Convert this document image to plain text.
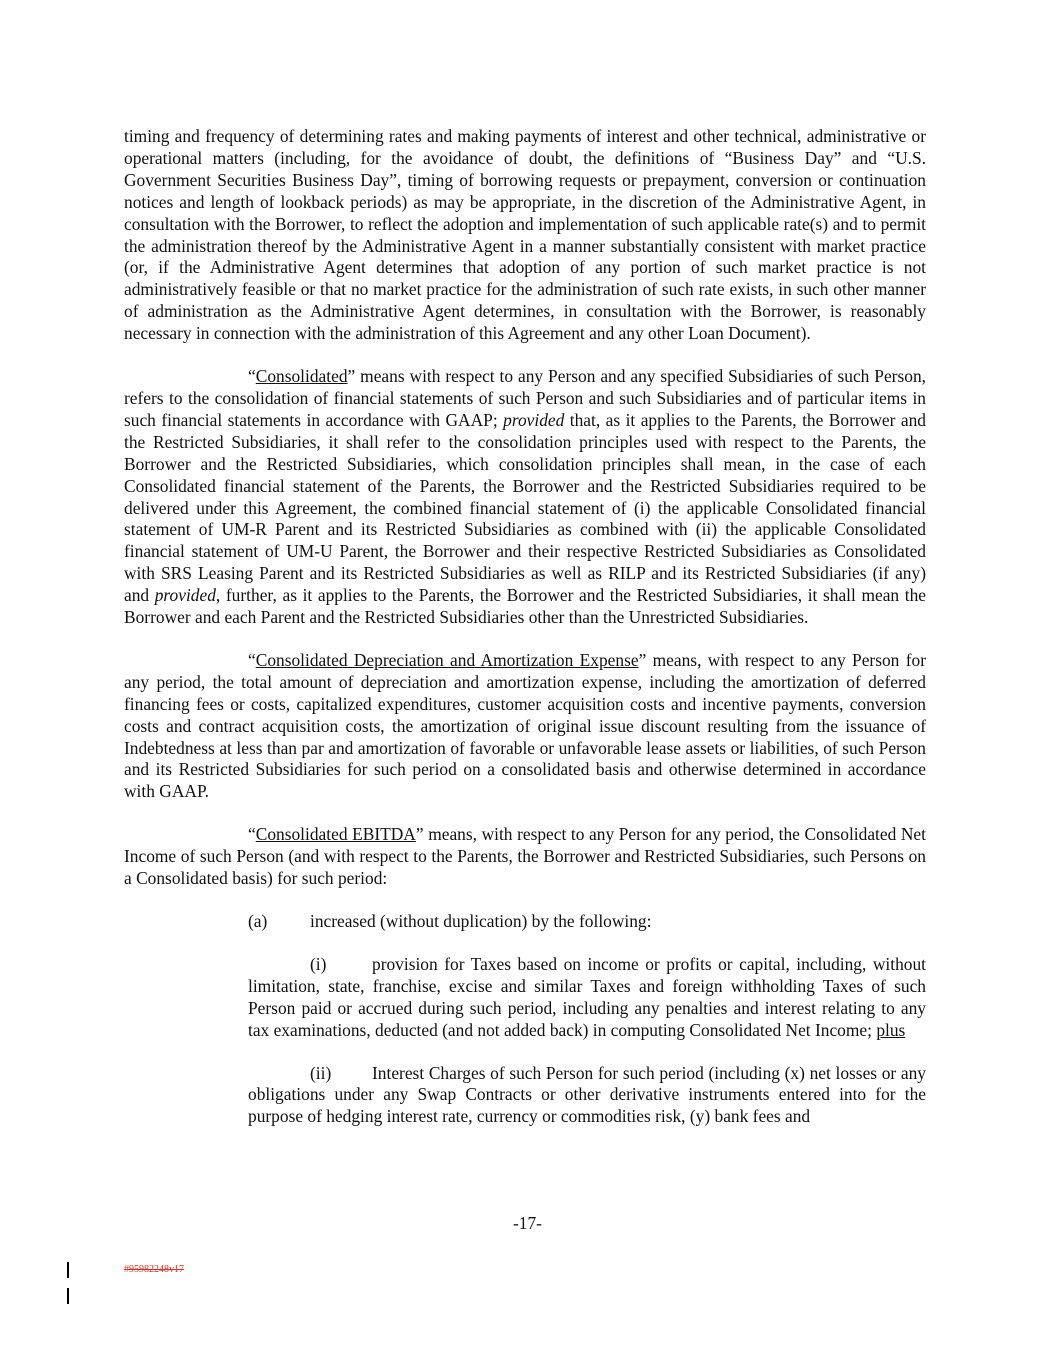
timing and frequency of determining rates and making payments of interest and other technical, administrative or operational matters (including, for the avoidance of doubt, the definitions of “Business Day” and “U.S. Government Securities Business Day”, timing of borrowing requests or prepayment, conversion or continuation notices and length of lookback periods) as may be appropriate, in the discretion of the Administrative Agent, in consultation with the Borrower, to reflect the adoption and implementation of such applicable rate(s) and to permit the administration thereof by the Administrative Agent in a manner substantially consistent with market practice (or, if the Administrative Agent determines that adoption of any portion of such market practice is not administratively feasible or that no market practice for the administration of such rate exists, in such other manner of administration as the Administrative Agent determines, in consultation with the Borrower, is reasonably necessary in connection with the administration of this Agreement and any other Loan Document).

“Consolidated” means with respect to any Person and any specified Subsidiaries of such Person, refers to the consolidation of financial statements of such Person and such Subsidiaries and of particular items in such financial statements in accordance with GAAP; provided that, as it applies to the Parents, the Borrower and the Restricted Subsidiaries, it shall refer to the consolidation principles used with respect to the Parents, the Borrower and the Restricted Subsidiaries, which consolidation principles shall mean, in the case of each Consolidated financial statement of the Parents, the Borrower and the Restricted Subsidiaries required to be delivered under this Agreement, the combined financial statement of (i) the applicable Consolidated financial statement of UM-R Parent and its Restricted Subsidiaries as combined with (ii) the applicable Consolidated financial statement of UM-U Parent, the Borrower and their respective Restricted Subsidiaries as Consolidated with SRS Leasing Parent and its Restricted Subsidiaries as well as RILP and its Restricted Subsidiaries (if any) and provided, further, as it applies to the Parents, the Borrower and the Restricted Subsidiaries, it shall mean the Borrower and each Parent and the Restricted Subsidiaries other than the Unrestricted Subsidiaries.

“Consolidated Depreciation and Amortization Expense” means, with respect to any Person for any period, the total amount of depreciation and amortization expense, including the amortization of deferred financing fees or costs, capitalized expenditures, customer acquisition costs and incentive payments, conversion costs and contract acquisition costs, the amortization of original issue discount resulting from the issuance of Indebtedness at less than par and amortization of favorable or unfavorable lease assets or liabilities, of such Person and its Restricted Subsidiaries for such period on a consolidated basis and otherwise determined in accordance with GAAP.

“Consolidated EBITDA” means, with respect to any Person for any period, the Consolidated Net Income of such Person (and with respect to the Parents, the Borrower and Restricted Subsidiaries, such Persons on a Consolidated basis) for such period:

(a) increased (without duplication) by the following:

(i)	provision for Taxes based on income or profits or capital, including, without limitation, state, franchise, excise and similar Taxes and foreign withholding Taxes of such Person paid or accrued during such period, including any penalties and interest relating to any tax examinations, deducted (and not added back) in computing Consolidated Net Income; plus

(ii) Interest Charges of such Person for such period (including (x) net losses or any obligations under any Swap Contracts or other derivative instruments entered into for the purpose of hedging interest rate, currency or commodities risk, (y) bank fees and

-17-
#95982248v17
